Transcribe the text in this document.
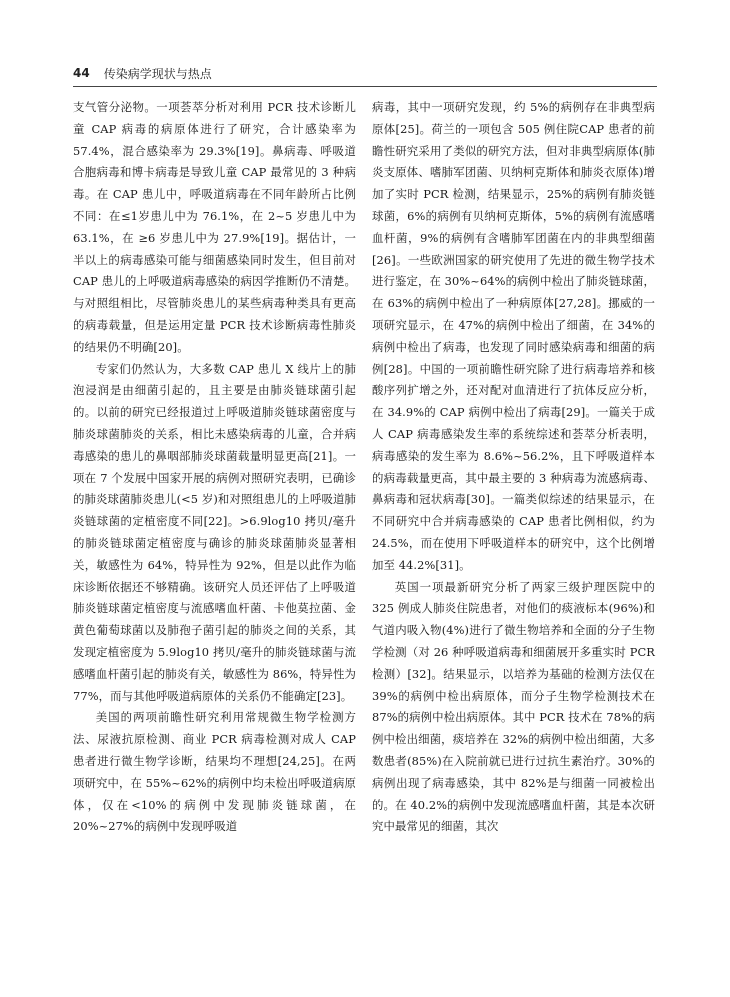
44 传染病学现状与热点

支气管分泌物。一项荟萃分析对利用 PCR 技术诊断儿童 CAP 病毒的病原体进行了研究，合计感染率为 57.4%，混合感染率为 29.3%[19]。鼻病毒、呼吸道合胞病毒和博卡病毒是导致儿童 CAP 最常见的 3 种病毒。在 CAP 患儿中，呼吸道病毒在不同年龄所占比例不同：在≤1岁患儿中为 76.1%，在 2~5 岁患儿中为 63.1%，在 ≥6 岁患儿中为 27.9%[19]。据估计，一半以上的病毒感染可能与细菌感染同时发生，但目前对 CAP 患儿的上呼吸道病毒感染的病因学推断仍不清楚。与对照组相比，尽管肺炎患儿的某些病毒种类具有更高的病毒载量，但是运用定量 PCR 技术诊断病毒性肺炎的结果仍不明确[20]。

专家们仍然认为，大多数 CAP 患儿 X 线片上的肺泡浸润是由细菌引起的，且主要是由肺炎链球菌引起的。以前的研究已经报道过上呼吸道肺炎链球菌密度与肺炎球菌肺炎的关系，相比未感染病毒的儿童，合并病毒感染的患儿的鼻咽部肺炎球菌载量明显更高[21]。一项在 7 个发展中国家开展的病例对照研究表明，已确诊的肺炎球菌肺炎患儿(<5 岁)和对照组患儿的上呼吸道肺炎链球菌的定植密度不同[22]。>6.9log10 拷贝/毫升的肺炎链球菌定植密度与确诊的肺炎球菌肺炎显著相关，敏感性为 64%，特异性为 92%，但是以此作为临床诊断依据还不够精确。该研究人员还评估了上呼吸道肺炎链球菌定植密度与流感嗜血杆菌、卡他莫拉菌、金黄色葡萄球菌以及肺孢子菌引起的肺炎之间的关系，其发现定植密度为 5.9log10 拷贝/毫升的肺炎链球菌与流感嗜血杆菌引起的肺炎有关，敏感性为 86%，特异性为 77%，而与其他呼吸道病原体的关系仍不能确定[23]。

美国的两项前瞻性研究利用常规微生物学检测方法、尿液抗原检测、商业 PCR 病毒检测对成人 CAP 患者进行微生物学诊断，结果均不理想[24,25]。在两项研究中，在 55%~62%的病例中均未检出呼吸道病原体，仅在<10%的病例中发现肺炎链球菌，在 20%~27%的病例中发现呼吸道

病毒，其中一项研究发现，约 5%的病例存在非典型病原体[25]。荷兰的一项包含 505 例住院CAP 患者的前瞻性研究采用了类似的研究方法，但对非典型病原体(肺炎支原体、嗜肺军团菌、贝纳柯克斯体和肺炎衣原体)增加了实时 PCR 检测，结果显示，25%的病例有肺炎链球菌，6%的病例有贝纳柯克斯体，5%的病例有流感嗜血杆菌，9%的病例有含嗜肺军团菌在内的非典型细菌[26]。一些欧洲国家的研究使用了先进的微生物学技术进行鉴定，在 30%~64%的病例中检出了肺炎链球菌，在 63%的病例中检出了一种病原体[27,28]。挪威的一项研究显示，在 47%的病例中检出了细菌，在 34%的病例中检出了病毒，也发现了同时感染病毒和细菌的病例[28]。中国的一项前瞻性研究除了进行病毒培养和核酸序列扩增之外，还对配对血清进行了抗体反应分析，在 34.9%的 CAP 病例中检出了病毒[29]。一篇关于成人 CAP 病毒感染发生率的系统综述和荟萃分析表明，病毒感染的发生率为 8.6%~56.2%，且下呼吸道样本的病毒载量更高，其中最主要的 3 种病毒为流感病毒、鼻病毒和冠状病毒[30]。一篇类似综述的结果显示，在不同研究中合并病毒感染的 CAP 患者比例相似，约为 24.5%，而在使用下呼吸道样本的研究中，这个比例增加至 44.2%[31]。

英国一项最新研究分析了两家三级护理医院中的 325 例成人肺炎住院患者，对他们的痰液标本(96%)和气道内吸入物(4%)进行了微生物培养和全面的分子生物学检测（对 26 种呼吸道病毒和细菌展开多重实时 PCR 检测）[32]。结果显示，以培养为基础的检测方法仅在 39%的病例中检出病原体，而分子生物学检测技术在 87%的病例中检出病原体。其中 PCR 技术在 78%的病例中检出细菌，痰培养在 32%的病例中检出细菌，大多数患者(85%)在入院前就已进行过抗生素治疗。30%的病例出现了病毒感染，其中 82%是与细菌一同被检出的。在 40.2%的病例中发现流感嗜血杆菌，其是本次研究中最常见的细菌，其次
